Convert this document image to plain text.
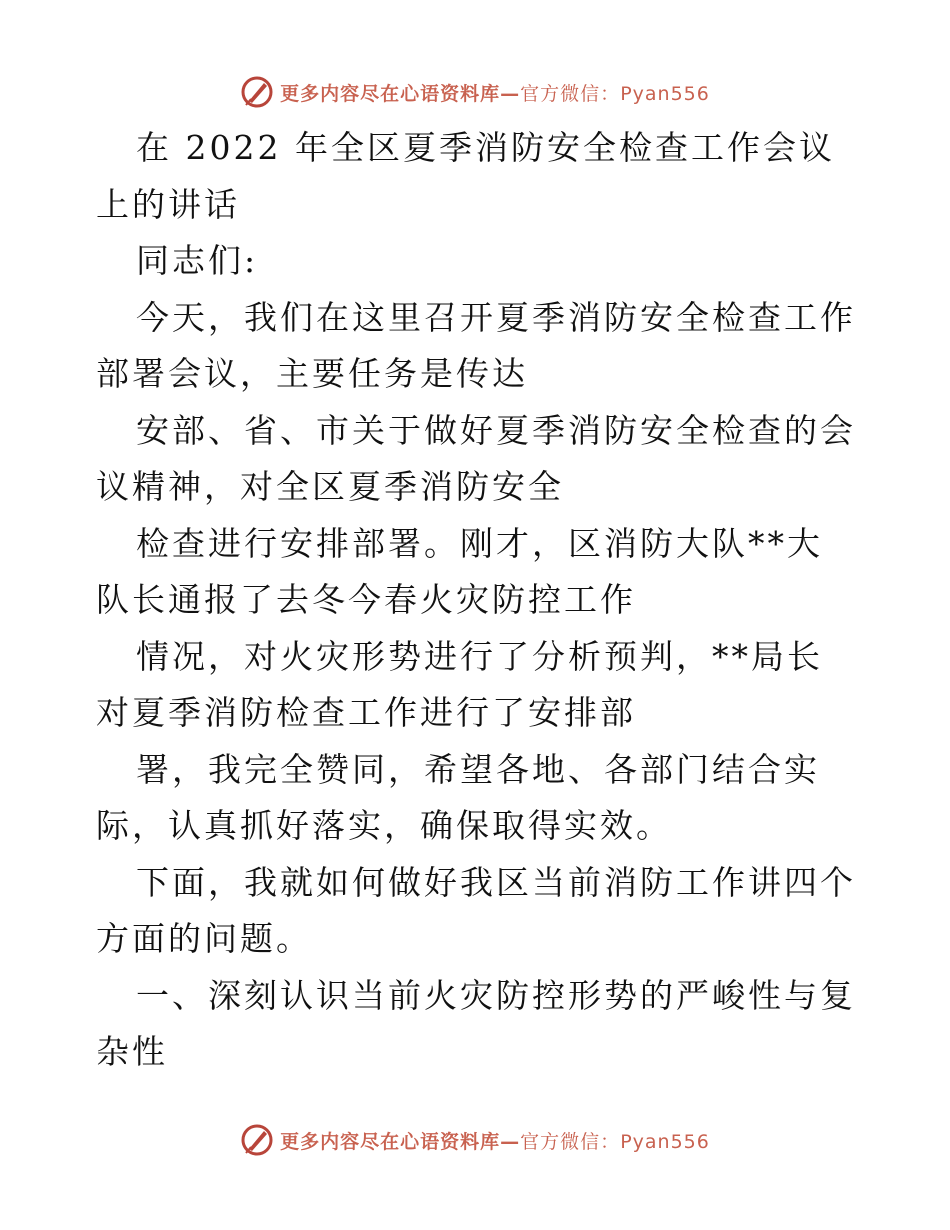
更多内容尽在心语资料库—官方微信：Pyan556

在 2022 年全区夏季消防安全检查工作会议上的讲话

同志们:

今天，我们在这里召开夏季消防安全检查工作部署会议，主要任务是传达

安部、省、市关于做好夏季消防安全检查的会议精神，对全区夏季消防安全

检查进行安排部署。刚才，区消防大队**大队长通报了去冬今春火灾防控工作

情况，对火灾形势进行了分析预判，**局长对夏季消防检查工作进行了安排部

署，我完全赞同，希望各地、各部门结合实际，认真抓好落实，确保取得实效。

下面，我就如何做好我区当前消防工作讲四个方面的问题。

一、深刻认识当前火灾防控形势的严峻性与复杂性

更多内容尽在心语资料库—官方微信：Pyan556
